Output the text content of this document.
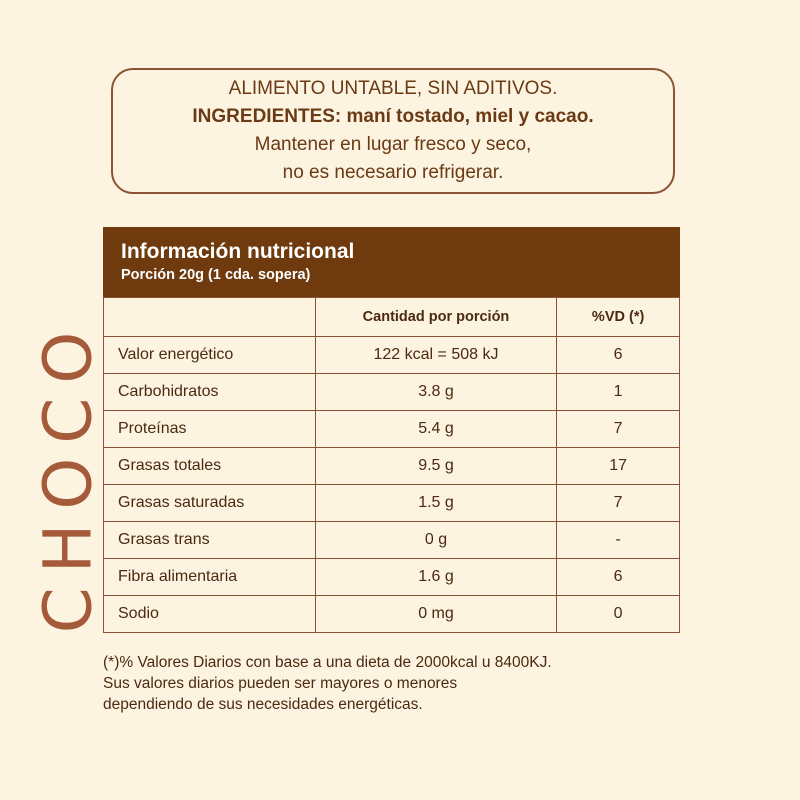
ALIMENTO UNTABLE, SIN ADITIVOS.
INGREDIENTES: maní tostado, miel y cacao.
Mantener en lugar fresco y seco,
no es necesario refrigerar.
CHOCO
Información nutricional
Porción 20g (1 cda. sopera)
	Cantidad por porción	%VD (*)
Valor energético	122 kcal = 508 kJ	6
Carbohidratos	3.8 g	1
Proteínas	5.4 g	7
Grasas totales	9.5 g	17
Grasas saturadas	1.5 g	7
Grasas trans	0 g	-
Fibra alimentaria	1.6 g	6
Sodio	0 mg	0
(*)% Valores Diarios con base a una dieta de 2000kcal u 8400KJ.
Sus valores diarios pueden ser mayores o menores
dependiendo de sus necesidades energéticas.
